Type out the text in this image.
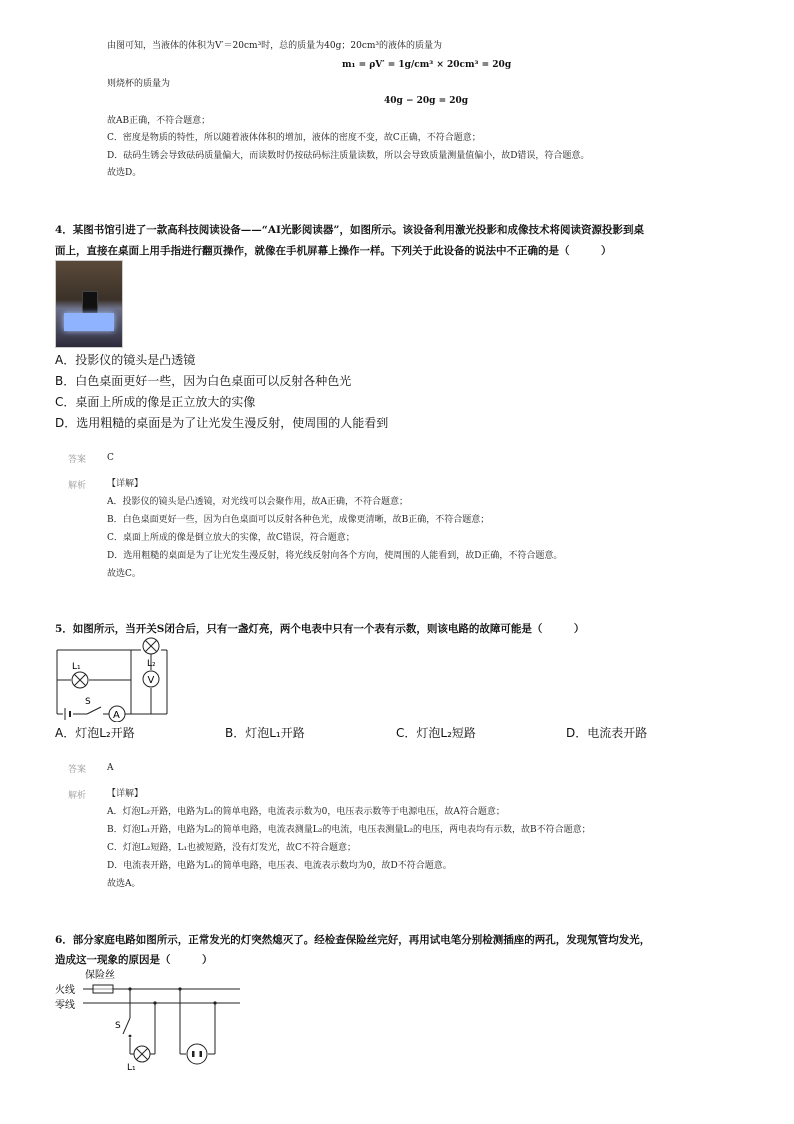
由图可知，当液体的体积为V′＝20cm³时，总的质量为40g；20cm³的液体的质量为
m₁ = ρV′ = 1g/cm³ × 20cm³ = 20g
则烧杯的质量为
40g − 20g = 20g
故AB正确，不符合题意；
C．密度是物质的特性，所以随着液体体积的增加，液体的密度不变，故C正确，不符合题意；
D．砝码生锈会导致砝码质量偏大，而读数时仍按砝码标注质量读数，所以会导致质量测量值偏小，故D错误，符合题意。
故选D。
4．某图书馆引进了一款高科技阅读设备——“AI光影阅读器”，如图所示。该设备利用激光投影和成像技术将阅读资源投影到桌
面上，直接在桌面上用手指进行翻页操作，就像在手机屏幕上操作一样。下列关于此设备的说法中不正确的是（　　　）
A．投影仪的镜头是凸透镜
B．白色桌面更好一些，因为白色桌面可以反射各种色光
C．桌面上所成的像是正立放大的实像
D．选用粗糙的桌面是为了让光发生漫反射，使周围的人能看到
答案 C
解析 【详解】
A．投影仪的镜头是凸透镜，对光线可以会聚作用，故A正确，不符合题意；
B．白色桌面更好一些，因为白色桌面可以反射各种色光，成像更清晰，故B正确，不符合题意；
C．桌面上所成的像是倒立放大的实像，故C错误，符合题意；
D．选用粗糙的桌面是为了让光发生漫反射，将光线反射向各个方向，使周围的人能看到，故D正确，不符合题意。
故选C。
5．如图所示，当开关S闭合后，只有一盏灯亮，两个电表中只有一个表有示数，则该电路的故障可能是（　　　）
V
A
L₁	L₂
S
A．灯泡L₂开路	B．灯泡L₁开路	C．灯泡L₂短路	D．电流表开路
答案 A
解析 【详解】
A．灯泡L₂开路，电路为L₁的简单电路，电流表示数为0，电压表示数等于电源电压，故A符合题意；
B．灯泡L₁开路，电路为L₂的简单电路，电流表测量L₂的电流，电压表测量L₂的电压，两电表均有示数，故B不符合题意；
C．灯泡L₂短路，L₁也被短路，没有灯发光，故C不符合题意；
D．电流表开路，电路为L₁的简单电路，电压表、电流表示数均为0，故D不符合题意。
故选A。
6．部分家庭电路如图所示，正常发光的灯突然熄灭了。经检查保险丝完好，再用试电笔分别检测插座的两孔，发现氖管均发光，
造成这一现象的原因是（　　　）
保险丝
火线
零线
S
L₁
